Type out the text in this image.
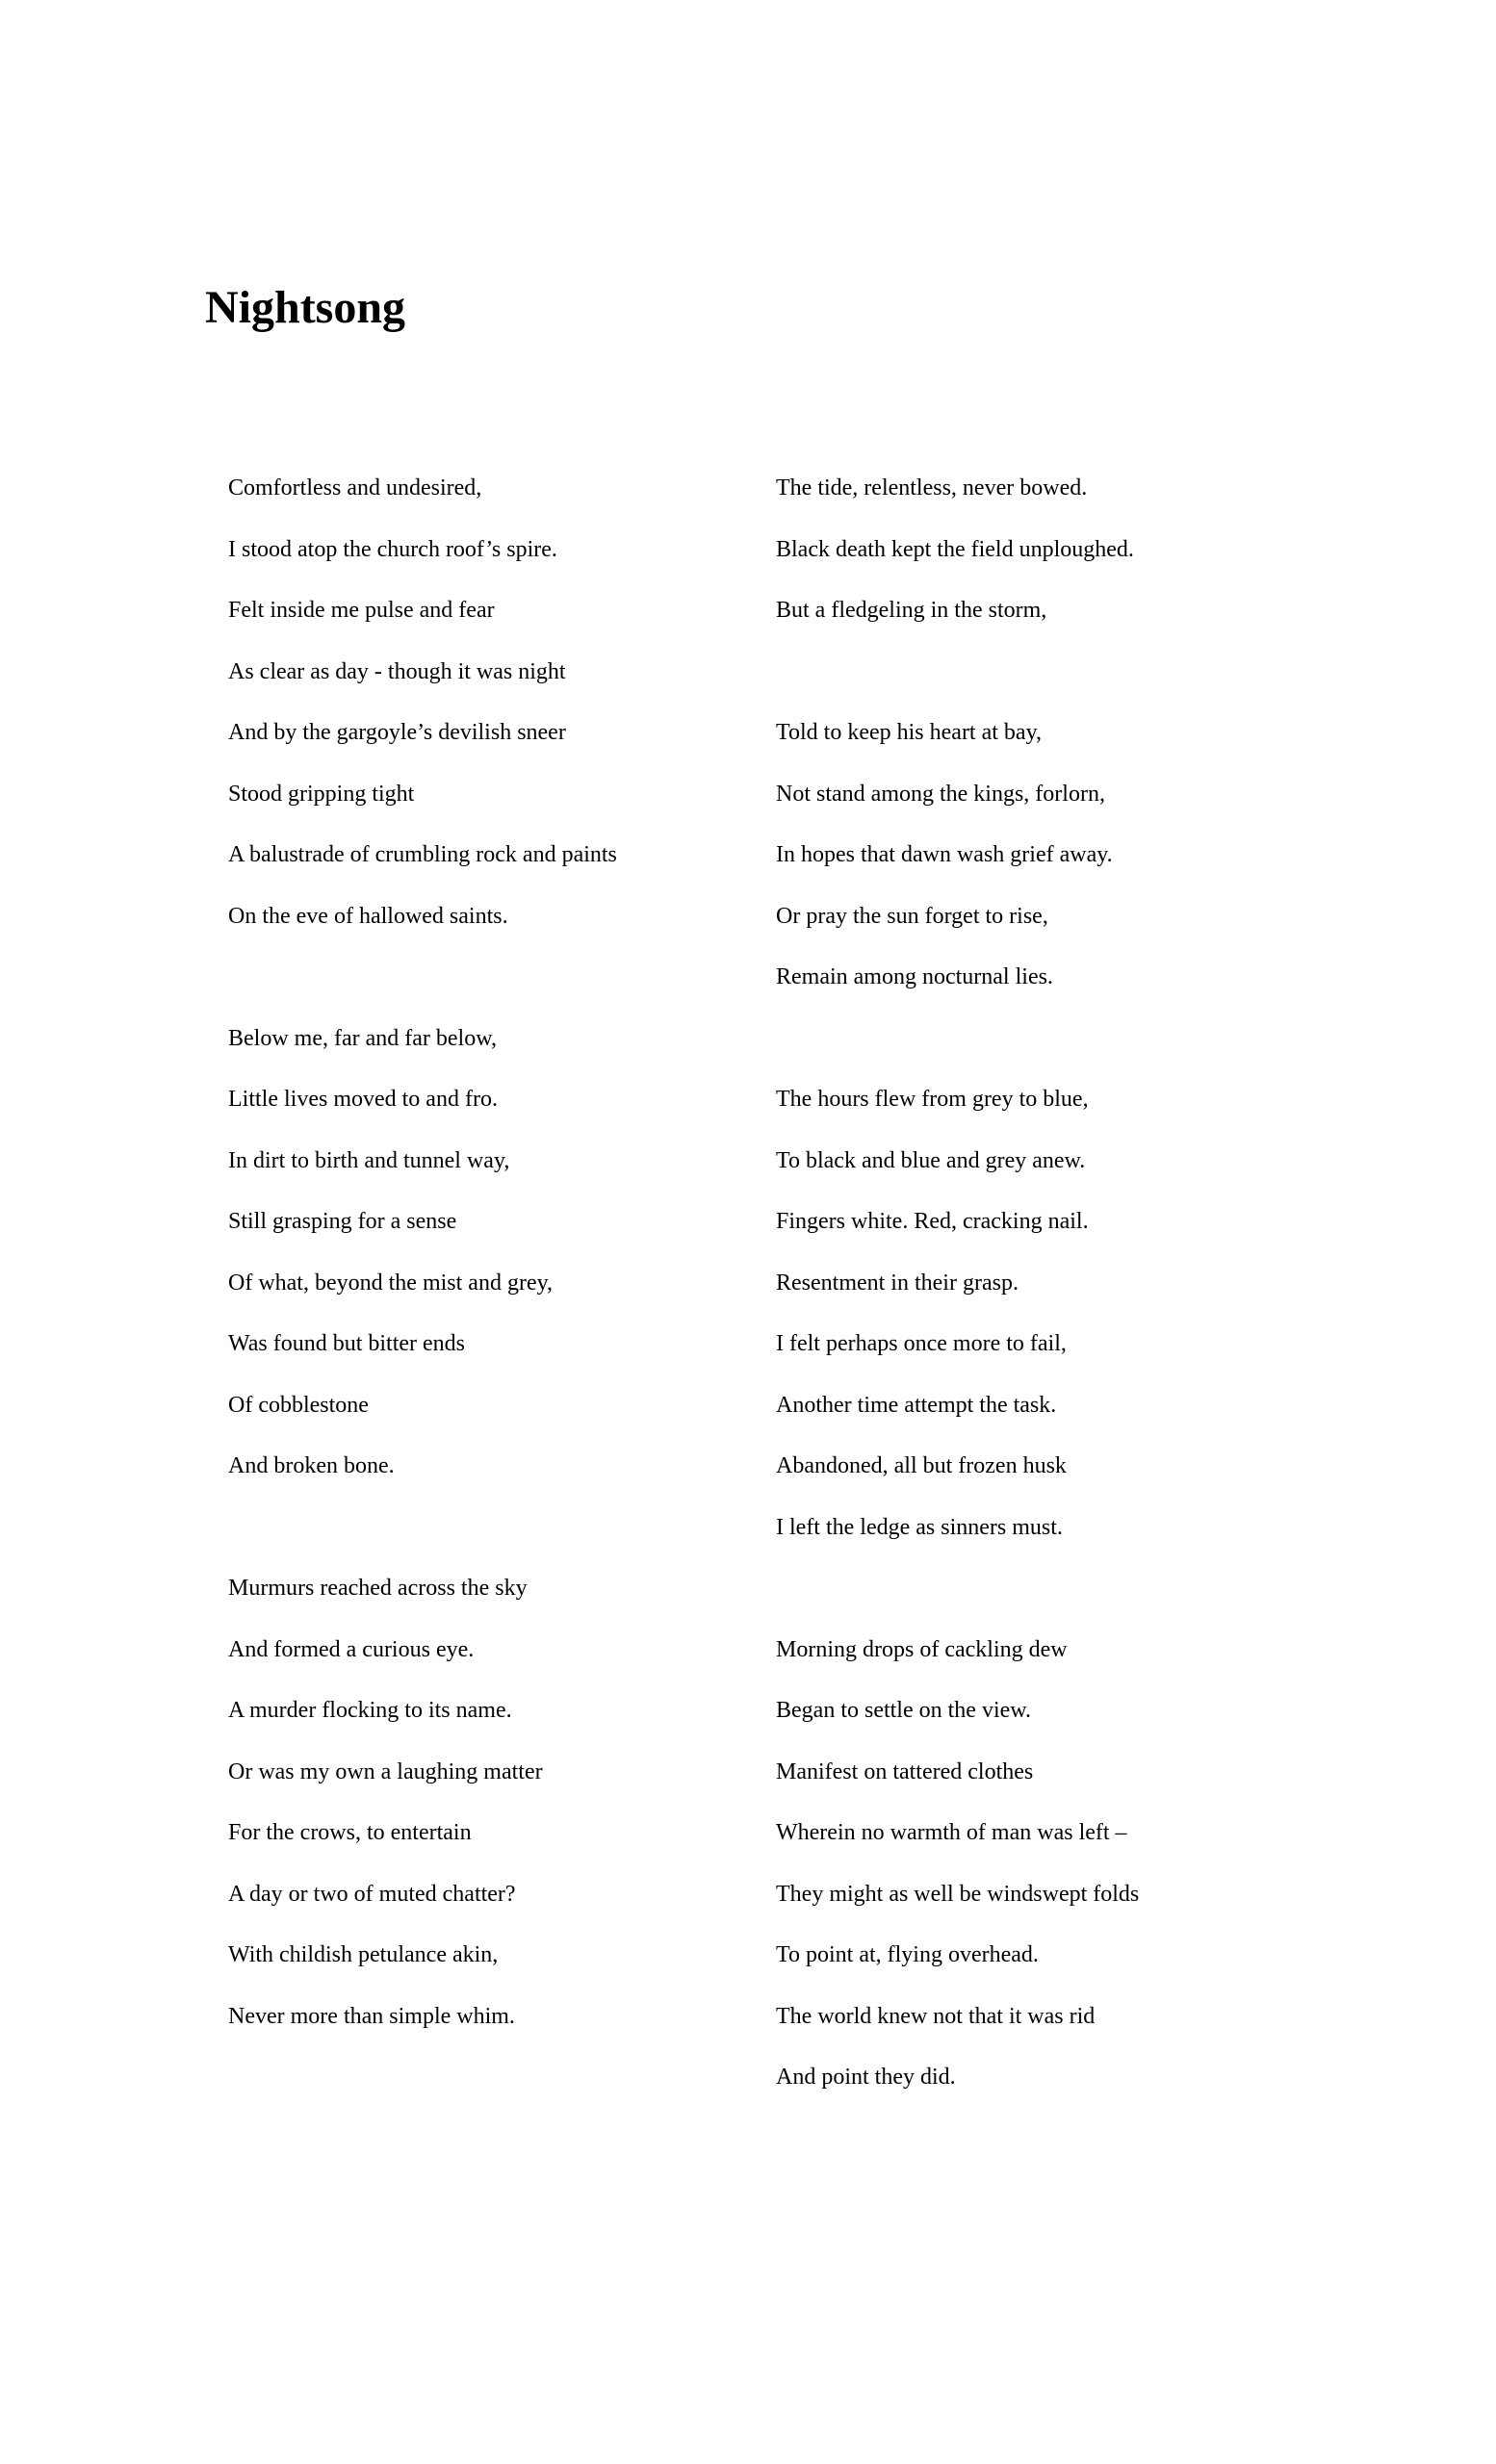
Nightsong

Comfortless and undesired,

I stood atop the church roof’s spire.

Felt inside me pulse and fear

As clear as day - though it was night

And by the gargoyle’s devilish sneer

Stood gripping tight

A balustrade of crumbling rock and paints

On the eve of hallowed saints.

Below me, far and far below,

Little lives moved to and fro.

In dirt to birth and tunnel way,

Still grasping for a sense

Of what, beyond the mist and grey,

Was found but bitter ends

Of cobblestone

And broken bone.

Murmurs reached across the sky

And formed a curious eye.

A murder flocking to its name.

Or was my own a laughing matter

For the crows, to entertain

A day or two of muted chatter?

With childish petulance akin,

Never more than simple whim.

The tide, relentless, never bowed.

Black death kept the field unploughed.

But a fledgeling in the storm,

Told to keep his heart at bay,

Not stand among the kings, forlorn,

In hopes that dawn wash grief away.

Or pray the sun forget to rise,

Remain among nocturnal lies.

The hours flew from grey to blue,

To black and blue and grey anew.

Fingers white. Red, cracking nail.

Resentment in their grasp.

I felt perhaps once more to fail,

Another time attempt the task.

Abandoned, all but frozen husk

I left the ledge as sinners must.

Morning drops of cackling dew

Began to settle on the view.

Manifest on tattered clothes

Wherein no warmth of man was left –

They might as well be windswept folds

To point at, flying overhead.

The world knew not that it was rid

And point they did.
